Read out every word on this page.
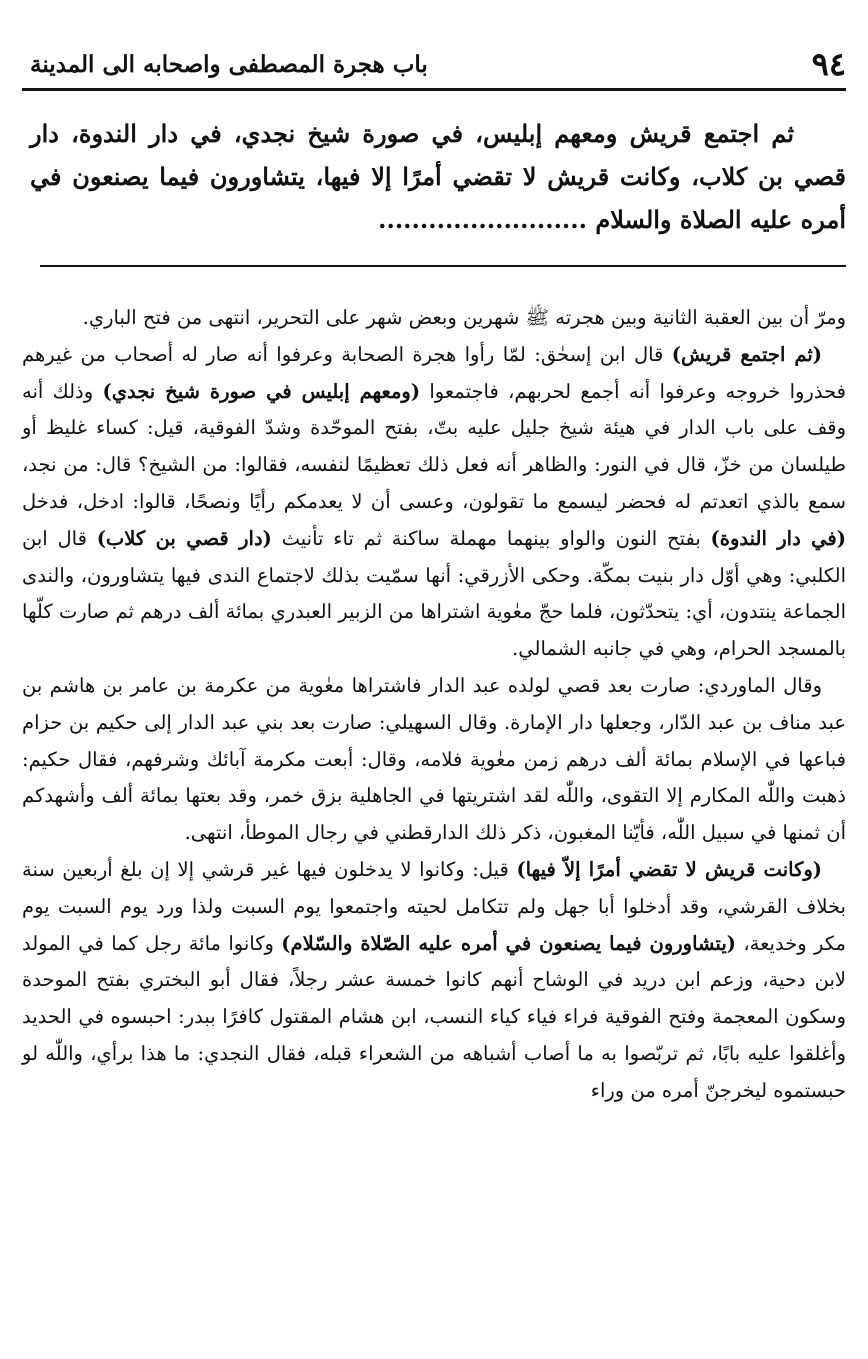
٩٤
باب هجرة المصطفى واصحابه الى المدينة

ثم اجتمع قريش ومعهم إبليس، في صورة شيخ نجدي، في دار الندوة، دار قصي بن كلاب، وكانت قريش لا تقضي أمرًا إلا فيها، يتشاورون فيما يصنعون في أمره عليه الصلاة والسلام .........................

ومرّ أن بين العقبة الثانية وبين هجرته ﷺ شهرين وبعض شهر على التحرير، انتهى من فتح الباري.

(ثم اجتمع قريش) قال ابن إسحٰق: لمّا رأوا هجرة الصحابة وعرفوا أنه صار له أصحاب من غيرهم فحذروا خروجه وعرفوا أنه أجمع لحربهم، فاجتمعوا (ومعهم إبليس في صورة شيخ نجدي) وذلك أنه وقف على باب الدار في هيئة شيخ جليل عليه بتّ، بفتح الموحّدة وشدّ الفوقية، قيل: كساء غليظ أو طيلسان من خزّ، قال في النور: والظاهر أنه فعل ذلك تعظيمًا لنفسه، فقالوا: من الشيخ؟ قال: من نجد، سمع بالذي اتعدتم له فحضر ليسمع ما تقولون، وعسى أن لا يعدمكم رأيًا ونصحًا، قالوا: ادخل، فدخل (في دار الندوة) بفتح النون والواو بينهما مهملة ساكنة ثم تاء تأنيث (دار قصي بن كلاب) قال ابن الكلبي: وهي أوّل دار بنيت بمكّة. وحكى الأزرقي: أنها سمّيت بذلك لاجتماع الندى فيها يتشاورون، والندى الجماعة ينتدون، أي: يتحدّثون، فلما حجّ معٰوية اشتراها من الزبير العبدري بمائة ألف درهم ثم صارت كلّها بالمسجد الحرام، وهي في جانبه الشمالي.

وقال الماوردي: صارت بعد قصي لولده عبد الدار فاشتراها معٰوية من عكرمة بن عامر بن هاشم بن عبد مناف بن عبد الدّار، وجعلها دار الإمارة. وقال السهيلي: صارت بعد بني عبد الدار إلى حكيم بن حزام فباعها في الإسلام بمائة ألف درهم زمن معٰوية فلامه، وقال: أبعت مكرمة آبائك وشرفهم، فقال حكيم: ذهبت واللّٰه المكارم إلا التقوى، واللّٰه لقد اشتريتها في الجاهلية بزق خمر، وقد بعتها بمائة ألف وأشهدكم أن ثمنها في سبيل اللّٰه، فأيّنا المغبون، ذكر ذلك الدارقطني في رجال الموطأ، انتهى.

(وكانت قريش لا تقضي أمرًا إلاّ فيها) قيل: وكانوا لا يدخلون فيها غير قرشي إلا إن بلغ أربعين سنة بخلاف القرشي، وقد أدخلوا أبا جهل ولم تتكامل لحيته واجتمعوا يوم السبت ولذا ورد يوم السبت يوم مكر وخديعة، (يتشاورون فيما يصنعون في أمره عليه الصّلاة والسّلام) وكانوا مائة رجل كما في المولد لابن دحية، وزعم ابن دريد في الوشاح أنهم كانوا خمسة عشر رجلاً، فقال أبو البختري بفتح الموحدة وسكون المعجمة وفتح الفوقية فراء فياء كياء النسب، ابن هشام المقتول كافرًا ببدر: احبسوه في الحديد وأغلقوا عليه بابًا، ثم تربّصوا به ما أصاب أشباهه من الشعراء قبله، فقال النجدي: ما هذا برأي، واللّٰه لو حبستموه ليخرجنّ أمره من وراء
